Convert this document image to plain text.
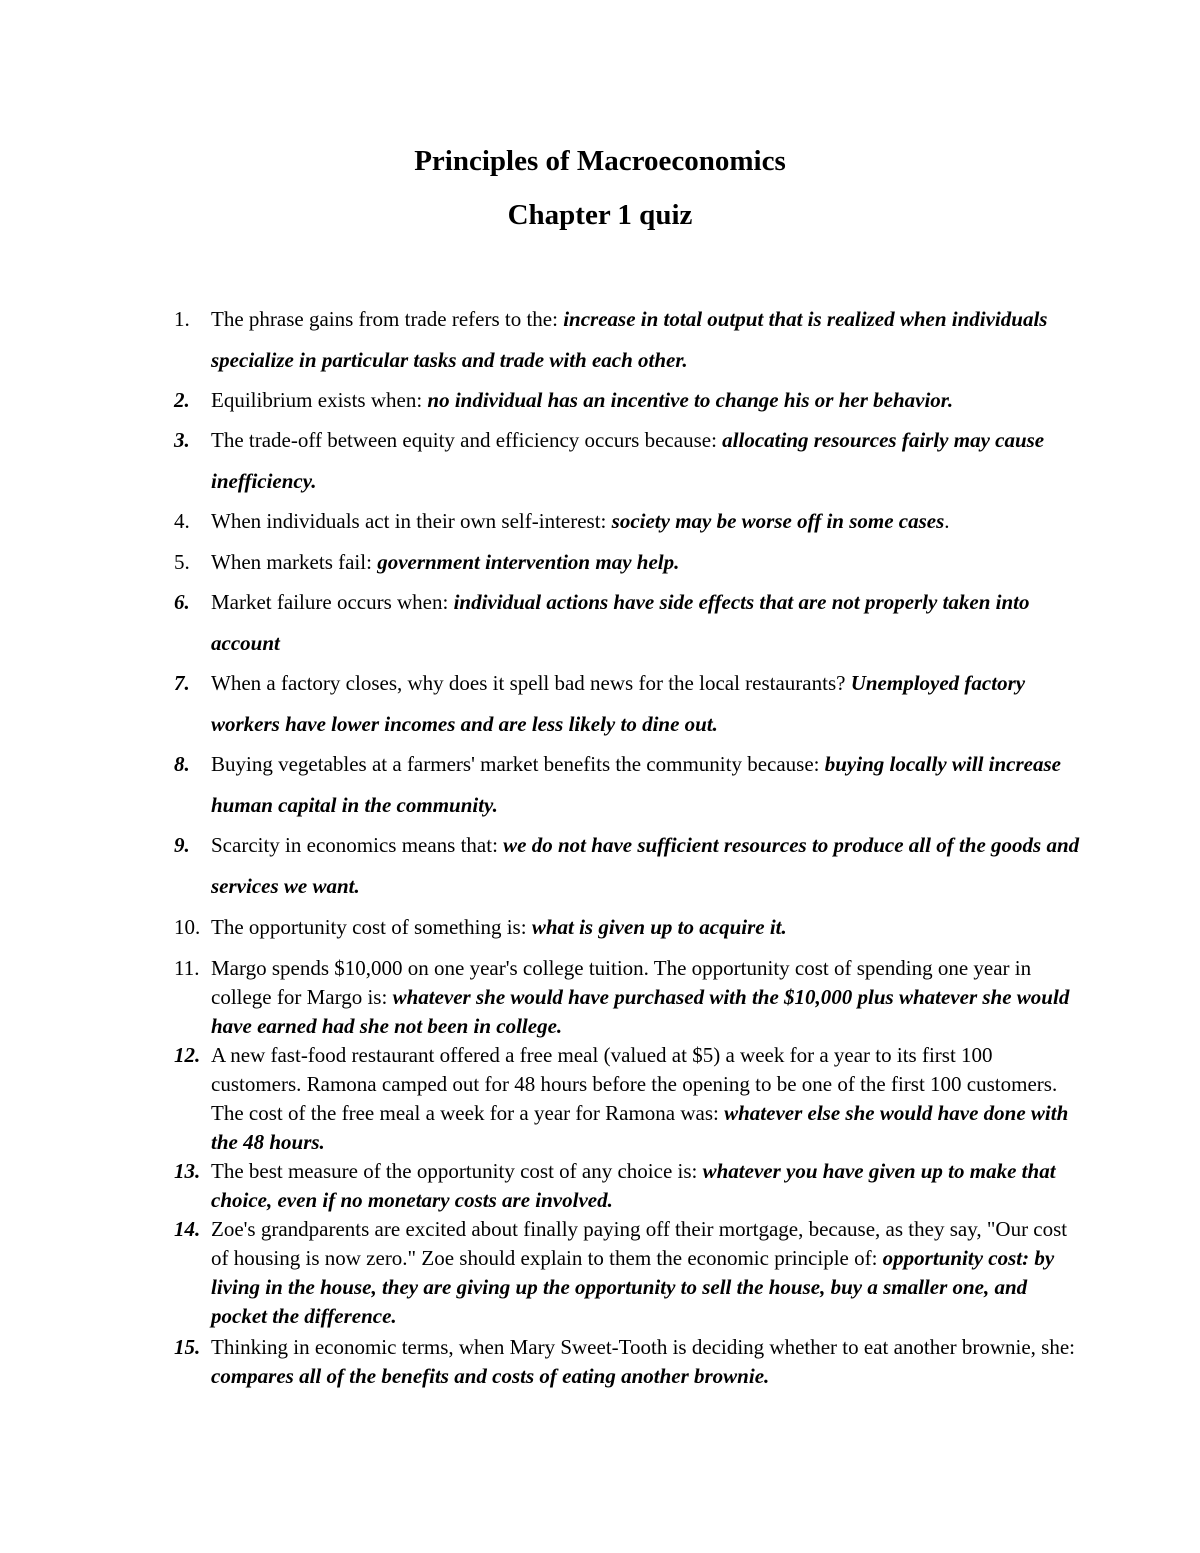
Principles of Macroeconomics
Chapter 1 quiz
1.	The phrase gains from trade refers to the: increase in total output that is realized when individuals specialize in particular tasks and trade with each other.
2.	Equilibrium exists when: no individual has an incentive to change his or her behavior.
3.	The trade-off between equity and efficiency occurs because: allocating resources fairly may cause inefficiency.
4.	When individuals act in their own self-interest: society may be worse off in some cases.
5.	When markets fail: government intervention may help.
6.	Market failure occurs when: individual actions have side effects that are not properly taken into account
7.	When a factory closes, why does it spell bad news for the local restaurants? Unemployed factory workers have lower incomes and are less likely to dine out.
8.	Buying vegetables at a farmers' market benefits the community because: buying locally will increase human capital in the community.
9.	Scarcity in economics means that: we do not have sufficient resources to produce all of the goods and services we want.
10. The opportunity cost of something is: what is given up to acquire it.
11. Margo spends $10,000 on one year's college tuition. The opportunity cost of spending one year in college for Margo is: whatever she would have purchased with the $10,000 plus whatever she would have earned had she not been in college.
12. A new fast-food restaurant offered a free meal (valued at $5) a week for a year to its first 100 customers. Ramona camped out for 48 hours before the opening to be one of the first 100 customers. The cost of the free meal a week for a year for Ramona was: whatever else she would have done with the 48 hours.
13. The best measure of the opportunity cost of any choice is: whatever you have given up to make that choice, even if no monetary costs are involved.
14. Zoe's grandparents are excited about finally paying off their mortgage, because, as they say, "Our cost of housing is now zero." Zoe should explain to them the economic principle of: opportunity cost: by living in the house, they are giving up the opportunity to sell the house, buy a smaller one, and pocket the difference.
15. Thinking in economic terms, when Mary Sweet-Tooth is deciding whether to eat another brownie, she: compares all of the benefits and costs of eating another brownie.
